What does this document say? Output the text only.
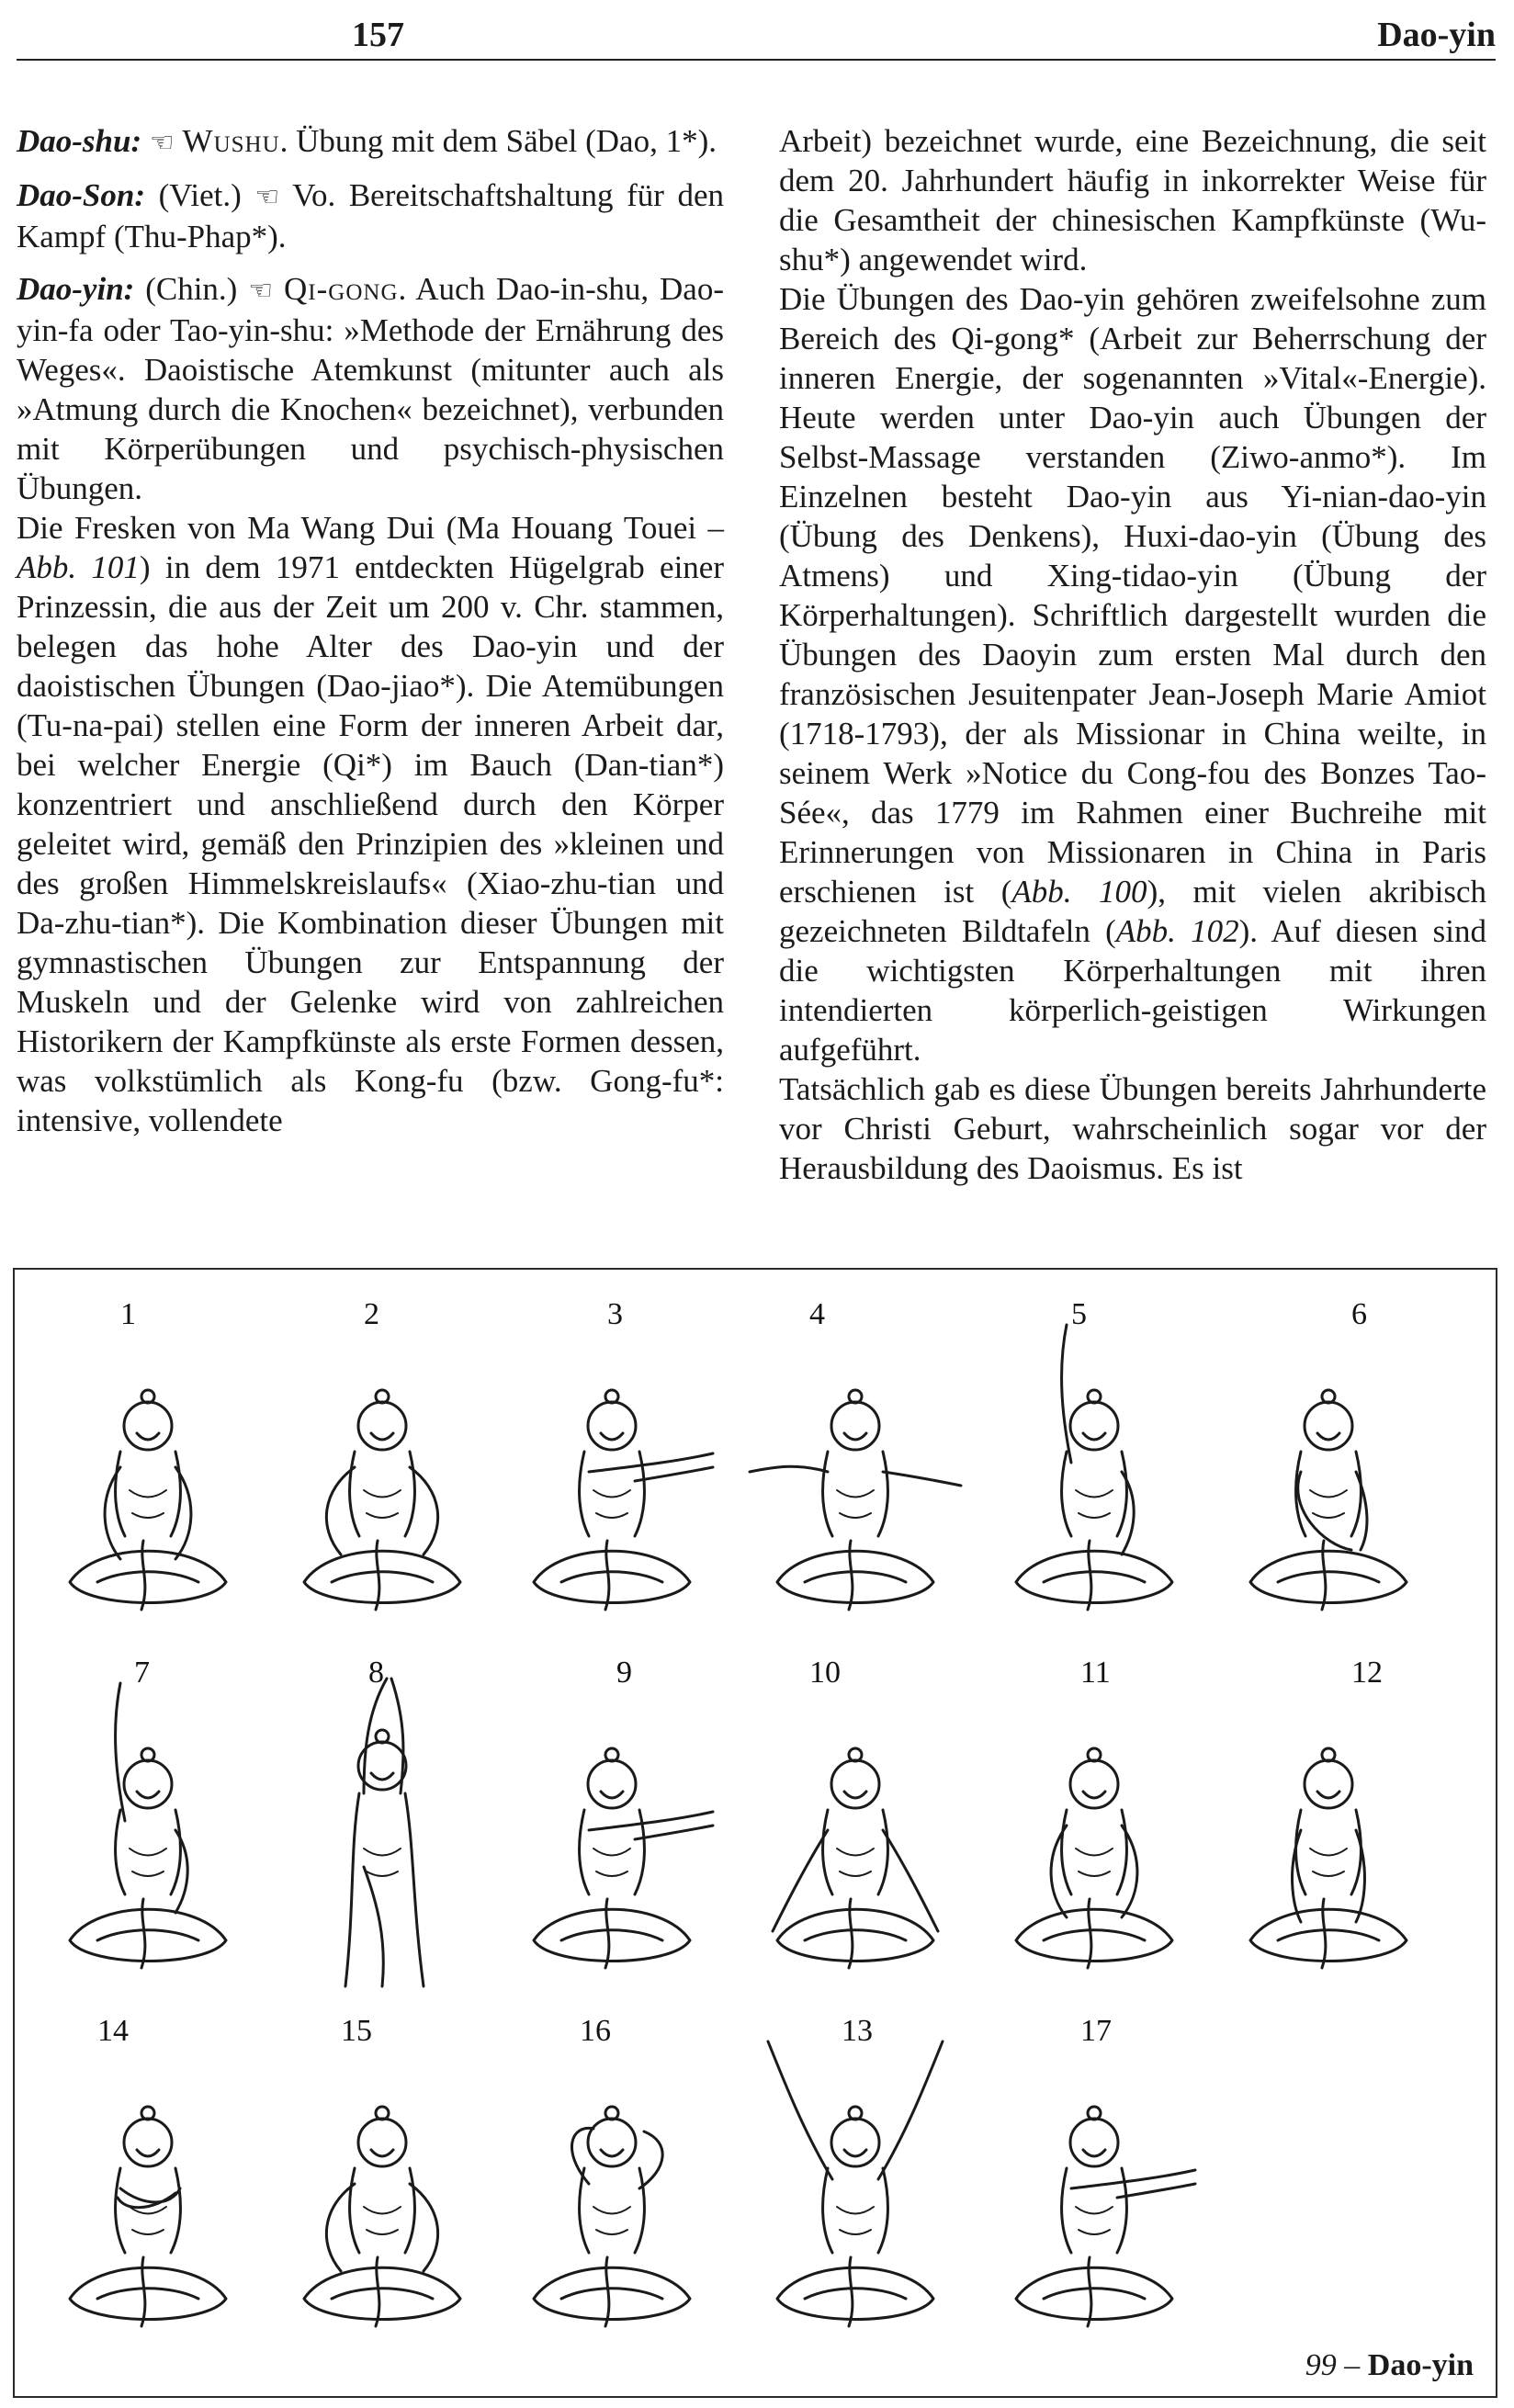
157	Dao-yin

Dao-shu: ☜ Wushu. Übung mit dem Säbel (Dao, 1*).

Dao-Son: (Viet.) ☜ Vo. Bereitschaftshaltung für den Kampf (Thu-Phap*).

Dao-yin: (Chin.) ☜ Qi-gong. Auch Dao-in-shu, Dao-yin-fa oder Tao-yin-shu: »Methode der Ernährung des Weges«. Daoistische Atemkunst (mitunter auch als »Atmung durch die Knochen« bezeichnet), verbunden mit Körperübungen und psychisch-physischen Übungen.

Die Fresken von Ma Wang Dui (Ma Houang Touei – Abb. 101) in dem 1971 entdeckten Hügelgrab einer Prinzessin, die aus der Zeit um 200 v. Chr. stammen, belegen das hohe Alter des Dao-yin und der daoistischen Übungen (Dao-jiao*). Die Atemübungen (Tu-na-pai) stellen eine Form der inneren Arbeit dar, bei welcher Energie (Qi*) im Bauch (Dan-tian*) konzentriert und anschließend durch den Körper geleitet wird, gemäß den Prinzipien des »kleinen und des großen Himmelskreislaufs« (Xiao-zhu-tian und Da-zhu-tian*). Die Kombination dieser Übungen mit gymnastischen Übungen zur Entspannung der Muskeln und der Gelenke wird von zahlreichen Historikern der Kampfkünste als erste Formen dessen, was volkstümlich als Kong-fu (bzw. Gong-fu*: intensive, vollendete

Arbeit) bezeichnet wurde, eine Bezeichnung, die seit dem 20. Jahrhundert häufig in inkorrekter Weise für die Gesamtheit der chinesischen Kampfkünste (Wu-shu*) angewendet wird.

Die Übungen des Dao-yin gehören zweifelsohne zum Bereich des Qi-gong* (Arbeit zur Beherrschung der inneren Energie, der sogenannten »Vital«-Energie). Heute werden unter Dao-yin auch Übungen der Selbst-Massage verstanden (Ziwo-anmo*). Im Einzelnen besteht Dao-yin aus Yi-nian-dao-yin (Übung des Denkens), Huxi-dao-yin (Übung des Atmens) und Xing-tidao-yin (Übung der Körperhaltungen). Schriftlich dargestellt wurden die Übungen des Daoyin zum ersten Mal durch den französischen Jesuitenpater Jean-Joseph Marie Amiot (1718-1793), der als Missionar in China weilte, in seinem Werk »Notice du Cong-fou des Bonzes Tao-Sée«, das 1779 im Rahmen einer Buchreihe mit Erinnerungen von Missionaren in China in Paris erschienen ist (Abb. 100), mit vielen akribisch gezeichneten Bildtafeln (Abb. 102). Auf diesen sind die wichtigsten Körperhaltungen mit ihren intendierten körperlich-geistigen Wirkungen aufgeführt.

Tatsächlich gab es diese Übungen bereits Jahrhunderte vor Christi Geburt, wahrscheinlich sogar vor der Herausbildung des Daoismus. Es ist

99 – Dao-yin
1	2	3	4	5	6
7	8	9	10	11	12
14	15	16	13	17
